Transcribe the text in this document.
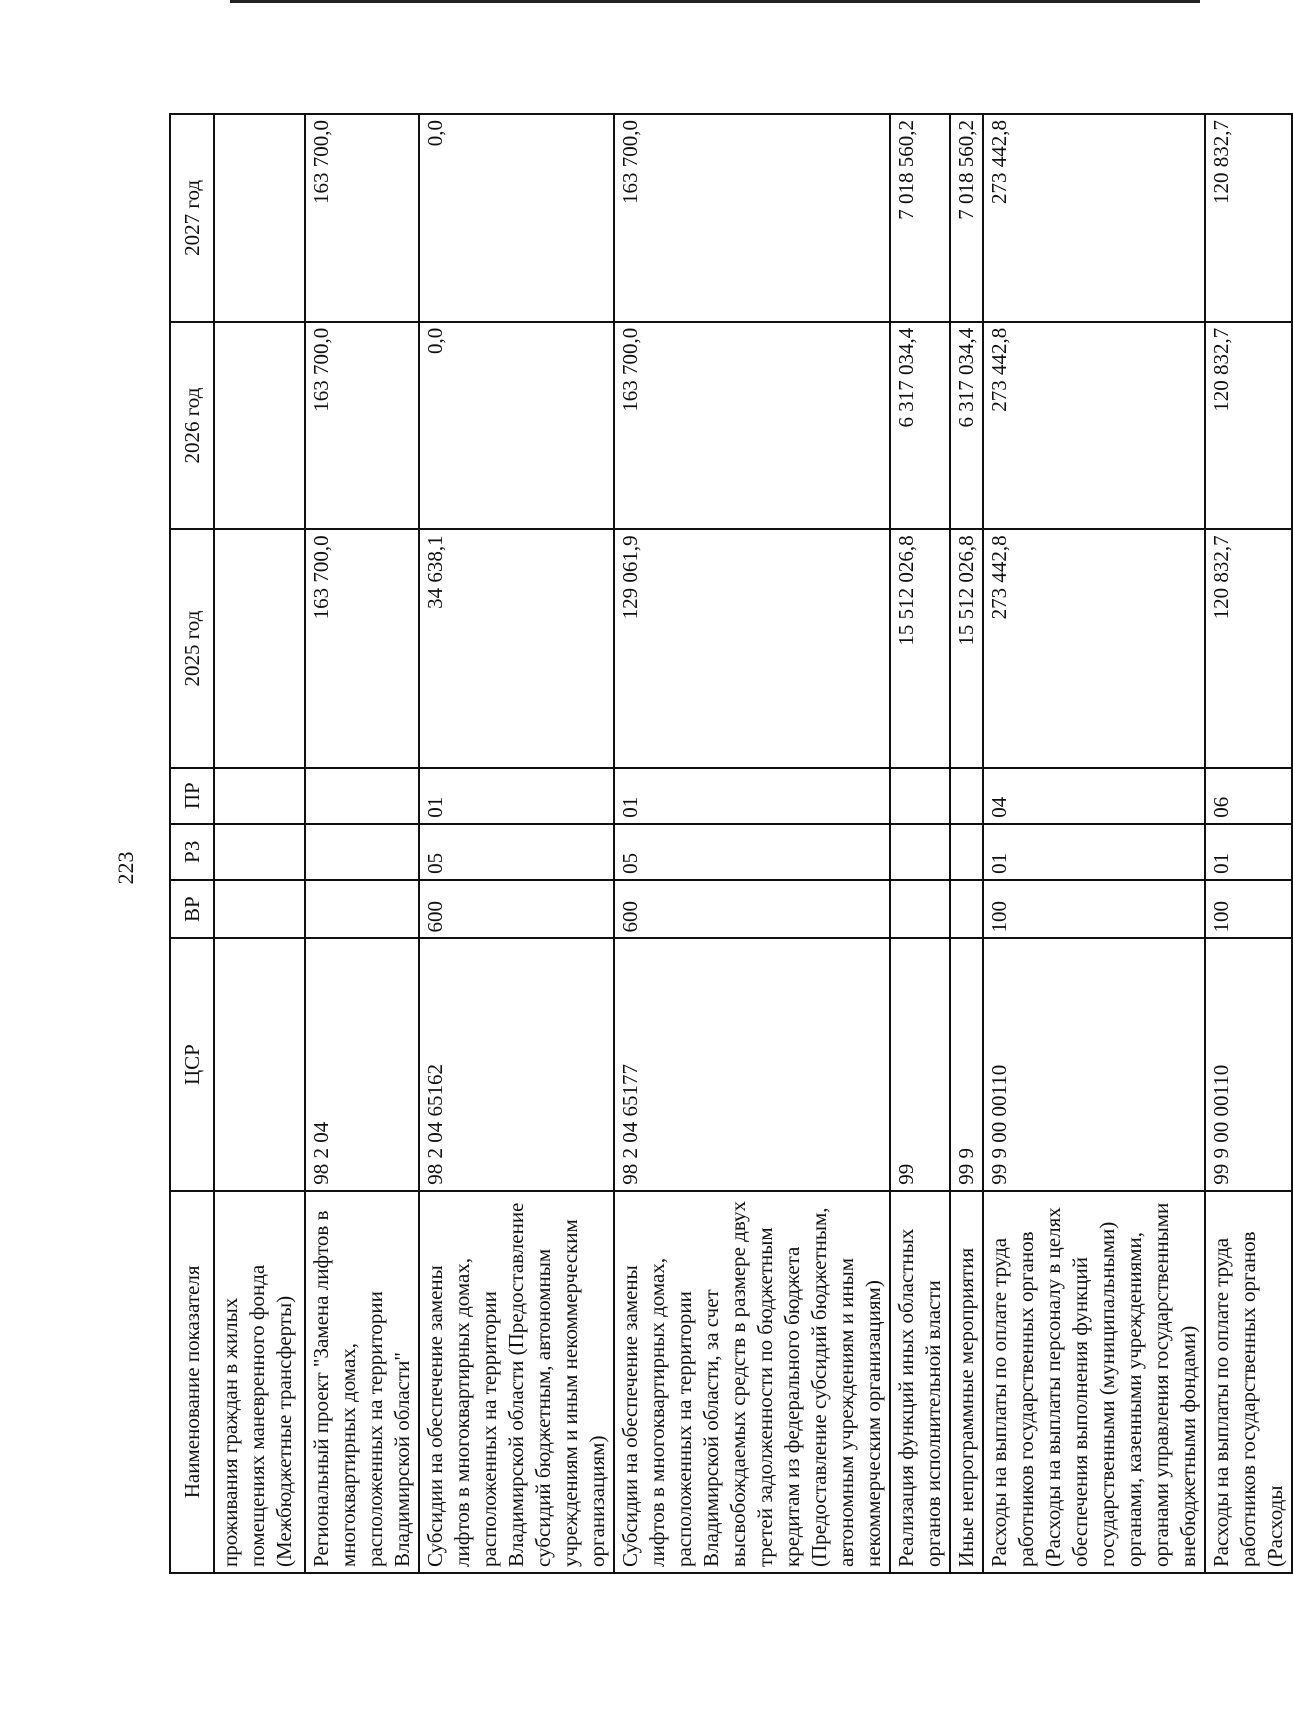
223
Наименование показателя	ЦСР	ВР	РЗ	ПР	2025 год	2026 год	2027 год
проживания граждан в жилых помещениях маневренного фонда (Межбюджетные трансферты)							
Региональный проект "Замена лифтов в многоквартирных домах, расположенных на территории Владимирской области"	98 2 04				163 700,0	163 700,0	163 700,0
Субсидии на обеспечение замены лифтов в многоквартирных домах, расположенных на территории Владимирской области (Предоставление субсидий бюджетным, автономным учреждениям и иным некоммерческим организациям)	98 2 04 65162	600	05	01	34 638,1	0,0	0,0
Субсидии на обеспечение замены лифтов в многоквартирных домах, расположенных на территории Владимирской области, за счет высвобождаемых средств в размере двух третей задолженности по бюджетным кредитам из федерального бюджета (Предоставление субсидий бюджетным, автономным учреждениям и иным некоммерческим организациям)	98 2 04 65177	600	05	01	129 061,9	163 700,0	163 700,0
Реализация функций иных областных органов исполнительной власти	99				15 512 026,8	6 317 034,4	7 018 560,2
Иные непрограммные мероприятия	99 9				15 512 026,8	6 317 034,4	7 018 560,2
Расходы на выплаты по оплате труда работников государственных органов (Расходы на выплаты персоналу в целях обеспечения выполнения функций государственными (муниципальными) органами, казенными учреждениями, органами управления государственными внебюджетными фондами)	99 9 00 00110	100	01	04	273 442,8	273 442,8	273 442,8
Расходы на выплаты по оплате труда работников государственных органов (Расходы	99 9 00 00110	100	01	06	120 832,7	120 832,7	120 832,7
